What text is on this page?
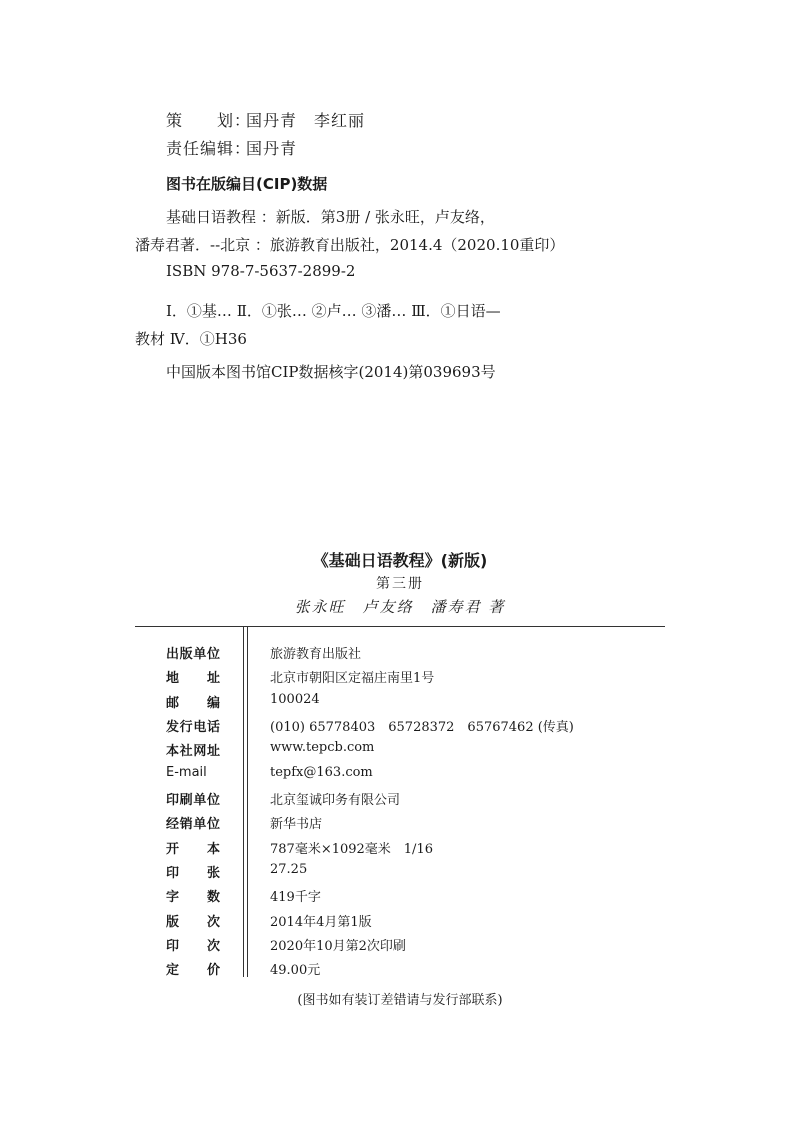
策　　划：国丹青　李红丽
责任编辑：国丹青
图书在版编目(CIP)数据
基础日语教程 ：新版．第3册 / 张永旺，卢友络，
潘寿君著．--北京 ：旅游教育出版社，2014.4（2020.10重印）
ISBN 978-7-5637-2899-2
Ⅰ．①基… Ⅱ．①张… ②卢… ③潘… Ⅲ．①日语—
教材 Ⅳ．①H36
中国版本图书馆CIP数据核字(2014)第039693号
《基础日语教程》(新版)
第三册
张永旺　卢友络　潘寿君 著
出版单位	旅游教育出版社
地　址	北京市朝阳区定福庄南里1号
邮　编	100024
发行电话	(010) 65778403　65728372　65767462 (传真)
本社网址	www.tepcb.com
E-mail	tepfx@163.com
印刷单位	北京玺诚印务有限公司
经销单位	新华书店
开　本	787毫米×1092毫米　1/16
印　张	27.25
字　数	419千字
版　次	2014年4月第1版
印　次	2020年10月第2次印刷
定　价	49.00元
(图书如有装订差错请与发行部联系)
